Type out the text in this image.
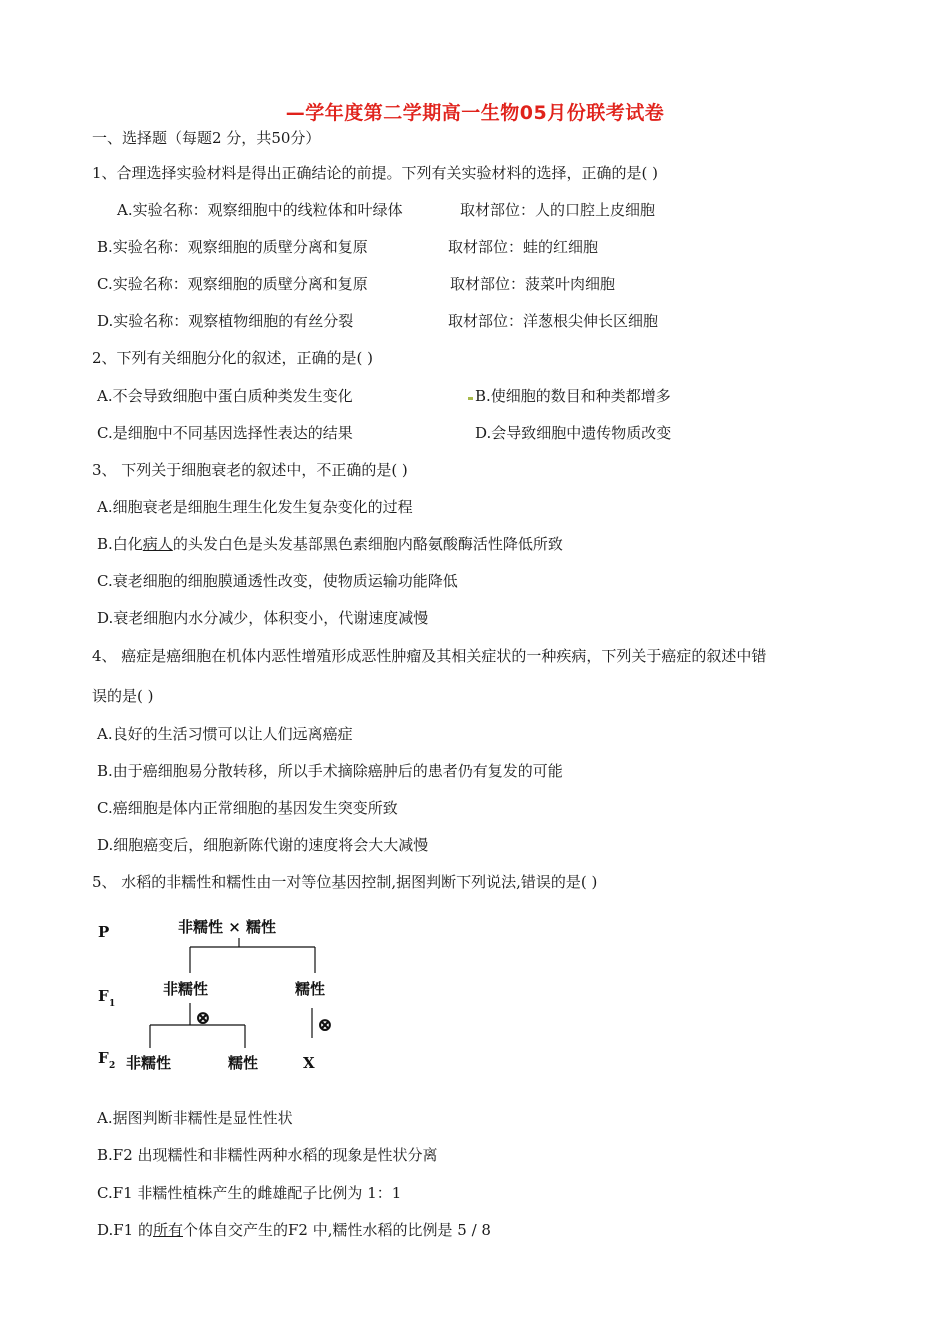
—学年度第二学期高一生物05月份联考试卷
一、选择题（每题2 分，共50分）
1、合理选择实验材料是得出正确结论的前提。下列有关实验材料的选择，正确的是( )
A.实验名称：观察细胞中的线粒体和叶绿体	取材部位：人的口腔上皮细胞
B.实验名称：观察细胞的质壁分离和复原	取材部位：蛙的红细胞
C.实验名称：观察细胞的质壁分离和复原	取材部位：菠菜叶肉细胞
D.实验名称：观察植物细胞的有丝分裂	取材部位：洋葱根尖伸长区细胞
2、下列有关细胞分化的叙述，正确的是( )
A.不会导致细胞中蛋白质种类发生变化	B.使细胞的数目和种类都增多
C.是细胞中不同基因选择性表达的结果	D.会导致细胞中遗传物质改变
3、 下列关于细胞衰老的叙述中，不正确的是( )
A.细胞衰老是细胞生理生化发生复杂变化的过程
B.白化病人的头发白色是头发基部黑色素细胞内酪氨酸酶活性降低所致
C.衰老细胞的细胞膜通透性改变，使物质运输功能降低
D.衰老细胞内水分减少，体积变小，代谢速度减慢
4、 癌症是癌细胞在机体内恶性增殖形成恶性肿瘤及其相关症状的一种疾病，下列关于癌症的叙述中错
误的是( )
A.良好的生活习惯可以让人们远离癌症
B.由于癌细胞易分散转移，所以手术摘除癌肿后的患者仍有复发的可能
C.癌细胞是体内正常细胞的基因发生突变所致
D.细胞癌变后，细胞新陈代谢的速度将会大大减慢
5、 水稻的非糯性和糯性由一对等位基因控制,据图判断下列说法,错误的是( )
P
F 1
F 2
非糯性 × 糯性
非糯性	糯性
⊗	⊗
非糯性	糯性	X
A.据图判断非糯性是显性性状
B.F2 出现糯性和非糯性两种水稻的现象是性状分离
C.F1 非糯性植株产生的雌雄配子比例为 1：1
D.F1 的所有个体自交产生的F2 中,糯性水稻的比例是 5 / 8
